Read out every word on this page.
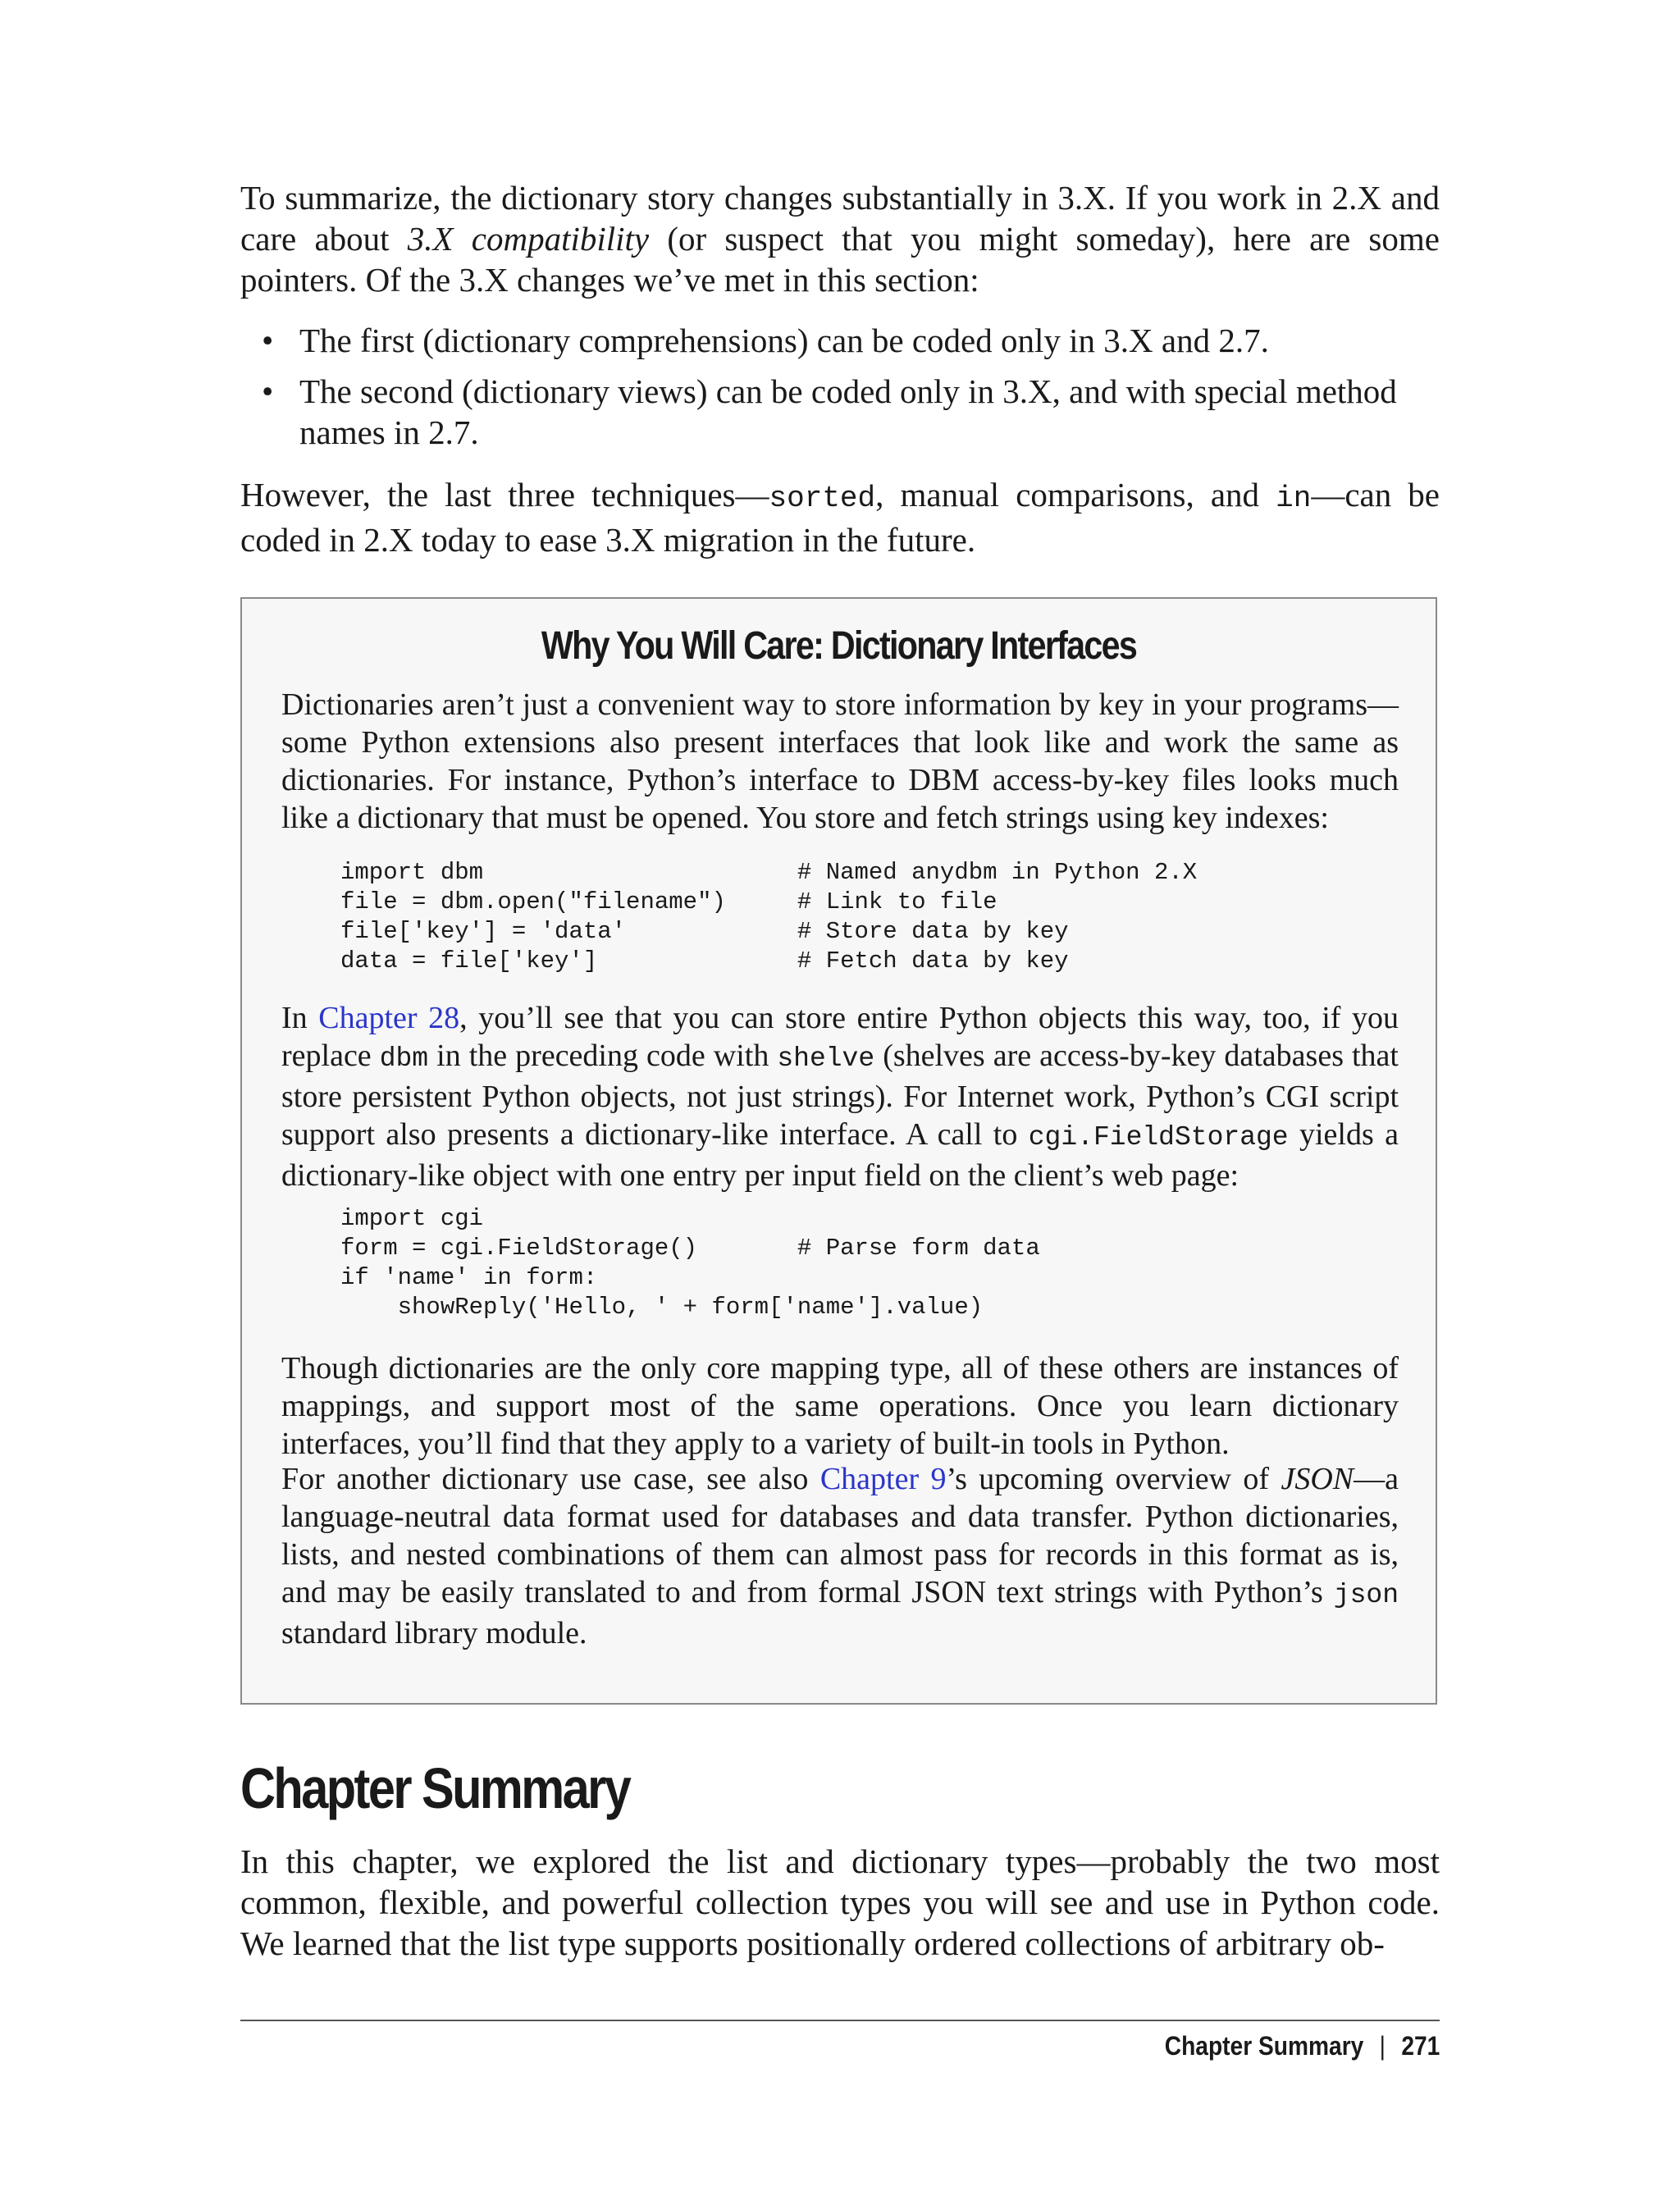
To summarize, the dictionary story changes substantially in 3.X. If you work in 2.X and care about 3.X compatibility (or suspect that you might someday), here are some pointers. Of the 3.X changes we’ve met in this section:

• The first (dictionary comprehensions) can be coded only in 3.X and 2.7.
• The second (dictionary views) can be coded only in 3.X, and with special method names in 2.7.

However, the last three techniques—sorted, manual comparisons, and in—can be coded in 2.X today to ease 3.X migration in the future.

Why You Will Care: Dictionary Interfaces

Dictionaries aren’t just a convenient way to store information by key in your programs—some Python extensions also present interfaces that look like and work the same as dictionaries. For instance, Python’s interface to DBM access-by-key files looks much like a dictionary that must be opened. You store and fetch strings using key indexes:

import dbm                      # Named anydbm in Python 2.X
file = dbm.open("filename")     # Link to file
file['key'] = 'data'            # Store data by key
data = file['key']              # Fetch data by key

In Chapter 28, you’ll see that you can store entire Python objects this way, too, if you replace dbm in the preceding code with shelve (shelves are access-by-key databases that store persistent Python objects, not just strings). For Internet work, Python’s CGI script support also presents a dictionary-like interface. A call to cgi.FieldStorage yields a dictionary-like object with one entry per input field on the client’s web page:

import cgi
form = cgi.FieldStorage()       # Parse form data
if 'name' in form:
showReply('Hello, ' + form['name'].value)

Though dictionaries are the only core mapping type, all of these others are instances of mappings, and support most of the same operations. Once you learn dictionary interfaces, you’ll find that they apply to a variety of built-in tools in Python.

For another dictionary use case, see also Chapter 9’s upcoming overview of JSON—a language-neutral data format used for databases and data transfer. Python dictionaries, lists, and nested combinations of them can almost pass for records in this format as is, and may be easily translated to and from formal JSON text strings with Python’s json standard library module.

Chapter Summary

In this chapter, we explored the list and dictionary types—probably the two most common, flexible, and powerful collection types you will see and use in Python code. We learned that the list type supports positionally ordered collections of arbitrary ob-

Chapter Summary | 271
